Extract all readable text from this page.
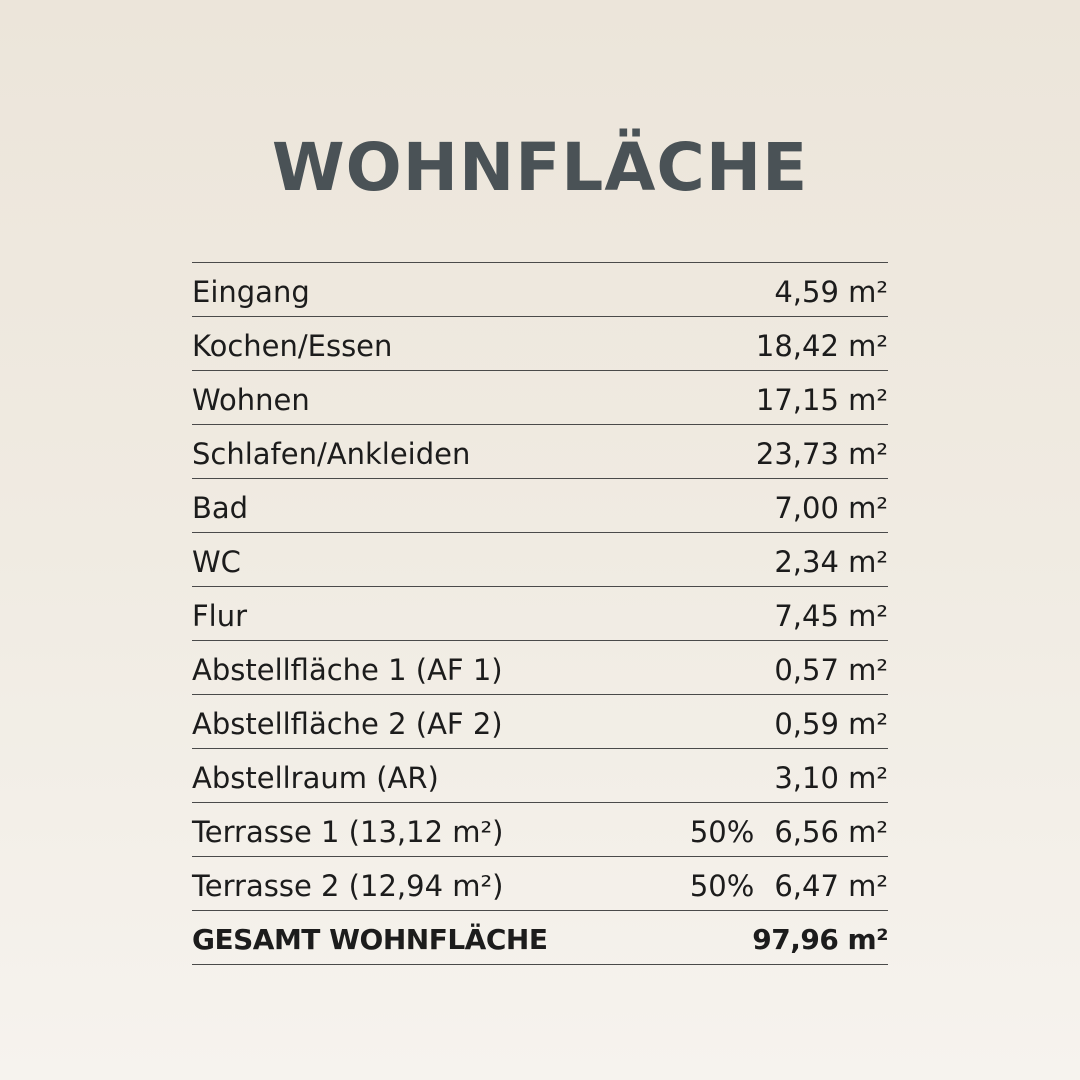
WOHNFLÄCHE
Eingang	4,59 m²
Kochen/Essen	18,42 m²
Wohnen	17,15 m²
Schlafen/Ankleiden	23,73 m²
Bad	7,00 m²
WC	2,34 m²
Flur	7,45 m²
Abstellfläche 1 (AF 1)	0,57 m²
Abstellfläche 2 (AF 2)	0,59 m²
Abstellraum (AR)	3,10 m²
Terrasse 1 (13,12 m²)	50% 6,56 m²
Terrasse 2 (12,94 m²)	50% 6,47 m²
GESAMT WOHNFLÄCHE	97,96 m²
